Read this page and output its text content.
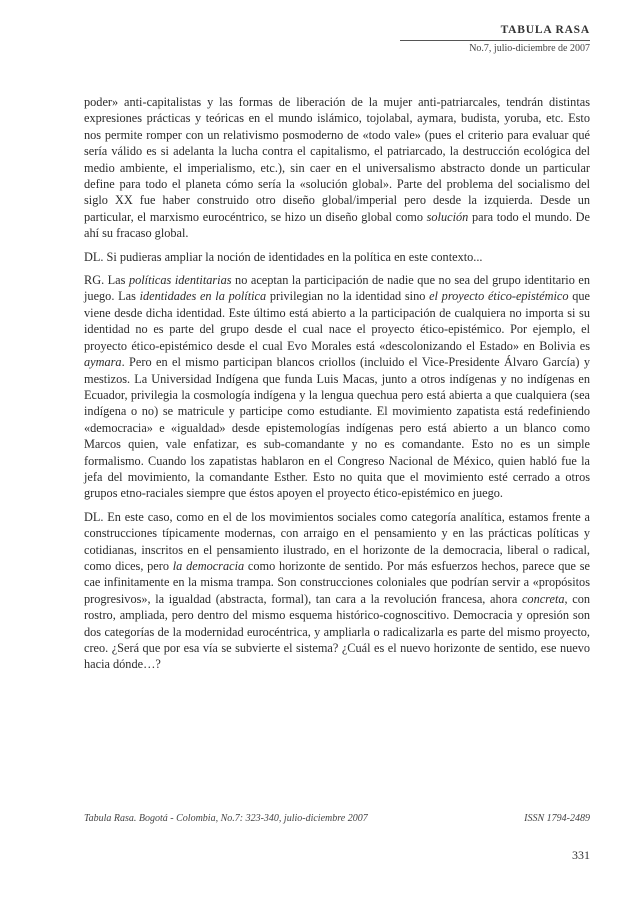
TABULA RASA
No.7, julio-diciembre de 2007

poder» anti-capitalistas y las formas de liberación de la mujer anti-patriarcales, tendrán distintas expresiones prácticas y teóricas en el mundo islámico, tojolabal, aymara, budista, yoruba, etc. Esto nos permite romper con un relativismo posmoderno de «todo vale» (pues el criterio para evaluar qué sería válido es si adelanta la lucha contra el capitalismo, el patriarcado, la destrucción ecológica del medio ambiente, el imperialismo, etc.), sin caer en el universalismo abstracto donde un particular define para todo el planeta cómo sería la «solución global». Parte del problema del socialismo del siglo XX fue haber construido otro diseño global/imperial pero desde la izquierda. Desde un particular, el marxismo eurocéntrico, se hizo un diseño global como solución para todo el mundo. De ahí su fracaso global.

DL. Si pudieras ampliar la noción de identidades en la política en este contexto...

RG. Las políticas identitarias no aceptan la participación de nadie que no sea del grupo identitario en juego. Las identidades en la política privilegian no la identidad sino el proyecto ético-epistémico que viene desde dicha identidad. Este último está abierto a la participación de cualquiera no importa si su identidad no es parte del grupo desde el cual nace el proyecto ético-epistémico. Por ejemplo, el proyecto ético-epistémico desde el cual Evo Morales está «descolonizando el Estado» en Bolivia es aymara. Pero en el mismo participan blancos criollos (incluido el Vice-Presidente Álvaro García) y mestizos. La Universidad Indígena que funda Luis Macas, junto a otros indígenas y no indígenas en Ecuador, privilegia la cosmología indígena y la lengua quechua pero está abierta a que cualquiera (sea indígena o no) se matricule y participe como estudiante. El movimiento zapatista está redefiniendo «democracia» e «igualdad» desde epistemologías indígenas pero está abierto a un blanco como Marcos quien, vale enfatizar, es sub-comandante y no es comandante. Esto no es un simple formalismo. Cuando los zapatistas hablaron en el Congreso Nacional de México, quien habló fue la jefa del movimiento, la comandante Esther. Esto no quita que el movimiento esté cerrado a otros grupos etno-raciales siempre que éstos apoyen el proyecto ético-epistémico en juego.

DL. En este caso, como en el de los movimientos sociales como categoría analítica, estamos frente a construcciones típicamente modernas, con arraigo en el pensamiento y en las prácticas políticas y cotidianas, inscritos en el pensamiento ilustrado, en el horizonte de la democracia, liberal o radical, como dices, pero la democracia como horizonte de sentido. Por más esfuerzos hechos, parece que se cae infinitamente en la misma trampa. Son construcciones coloniales que podrían servir a «propósitos progresivos», la igualdad (abstracta, formal), tan cara a la revolución francesa, ahora concreta, con rostro, ampliada, pero dentro del mismo esquema histórico-cognoscitivo. Democracia y opresión son dos categorías de la modernidad eurocéntrica, y ampliarla o radicalizarla es parte del mismo proyecto, creo. ¿Será que por esa vía se subvierte el sistema? ¿Cuál es el nuevo horizonte de sentido, ese nuevo hacia dónde…?

Tabula Rasa. Bogotá - Colombia, No.7: 323-340, julio-diciembre 2007	ISSN 1794-2489
331
